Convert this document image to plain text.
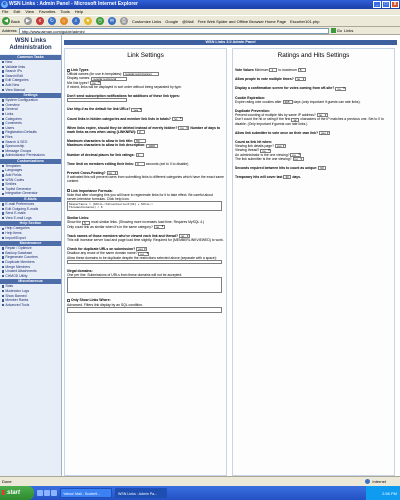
e WSN Links : Admin Panel - Microsoft Internet Explorer	_	□	x
File Edit View Favorites Tools Help
◀ Back	▶	x	↻	⌂	⌕	★	◷	✉	⎙	Customize Links Google @Mail Free Web Spider and Offline Browser Home Page Escorter101.php
Address	http://www.aiman.com/guide/admin/	Go Links
WSN Links Administration
Common Tasks
New
Validate links
Search IPs
Search/Edit
Edit Categories
Add New
View Manual
Settings
System Configuration
Overview
General
Links
Categories
Comments
Users
Registration Defaults
Files
Search & SEO
Sponsorship
Message Groups
Administrator Permissions
Customizations
Templates
Languages
Add Fields
WSN Codes
Smilies
Toplist Generator
Integration Generator
E-Mails
E-mail Preferences
Edit Outgoing E-mails
Send E-mails
View E-mail Logs
Help Section
Help Categories
Help Items
Import/Export
Maintenance
Repair / Optimize
Backup Database
Regenerate Counters
Duplicate Members
Merge Members
Unused Attachments
CHMOD Utility
Miscellaneous
Stats
Moderator Logs
Show Banned
Member Ranks
Advanced Tools
WSN Links 3.0 Admin Panel
Link Settings
Link Types
Official names (for use in templates): regular,recip,banner
Display names: regular,reciprocal
Mix link types? no ▾
If mixed, links will be displayed in sort order without being separated by type.
Don't send subscription notifications for additions of these link types:

Use http:// as the default for link URLs? yes ▾
Count links in hidden categories and member link lists in totals? no ▾
When links expire, should they be deleted instead of merely hidden? no ▾ Number of days to mark links as new when using {LINKNEW}: 2
Maximum characters to allow in link title: 50
Maximum characters to allow in link description: 1000
Number of decimal places for link ratings: 2
Time limit on members editing their links: 0 seconds (set to 0 to disable)
Prevent Cross-Posting? no ▾
If activated this will prevent users from submitting links to different categories which have the exact same content.
Link Importance Formula:
Note that after changing this you will have to regenerate links for it to take effect. Be careful about server-intensive formulas. Click help icon.
$importance = ($this->hitsoutpercent(60) + $this->
finemaintenance) / 6
Similar Links:
Show the 5 most similar links. (Showing more increases load time. Requires MySQL 4.)
Only count link as similar when it's in the same category? no ▾
Track names of those members who've viewed each link and thread? no ▾
This will increase server load and page load time slightly. Required for {MEMBERLINKVIEWED} to work.
Check for duplicate URLs on submission? yes ▾
Disallow any reuse of the same domain name? no ▾
Allow these domains to be duplicate despite the restrictions selected above (separate with a space):
Illegal domains:
One per line. Submissions of URLs from these domains will not be accepted.
Only Show Links Where:
Advanced. Filters link display by an SQL condition.
Ratings and Hits Settings
Vote Values Minimum 1 to maximum 5
Allow people to vote multiple times? no ▾
Display a confirmation screen for votes coming from off-site? no ▾
Cookie Expiration:
Expire rating vote cookies after 365 days (only important if guests can rate links).
Duplicate Prevention:
Prevent counting of multiple hits by same IP address? no ▾
Don't count the hit or rating if the first 12 characters of the IP matches a previous one. Set to 0 to disable. (Only important if guests can rate links.)
Allow link submitter to vote once on their own link? yes ▾
Count as link hit when:
Viewing link details page? yes ▾
Viewing thread? no ▾
An administrator is the one viewing? no ▾
The link submitter is the one viewing? no ▾
Seconds required between hits to count as unique: 60
Temporary hits will cover last 30 days.
Done	Internet
start	Yahoo! Mail - Scube9...	WSN Links : Admin Pa...	2:56 PM
